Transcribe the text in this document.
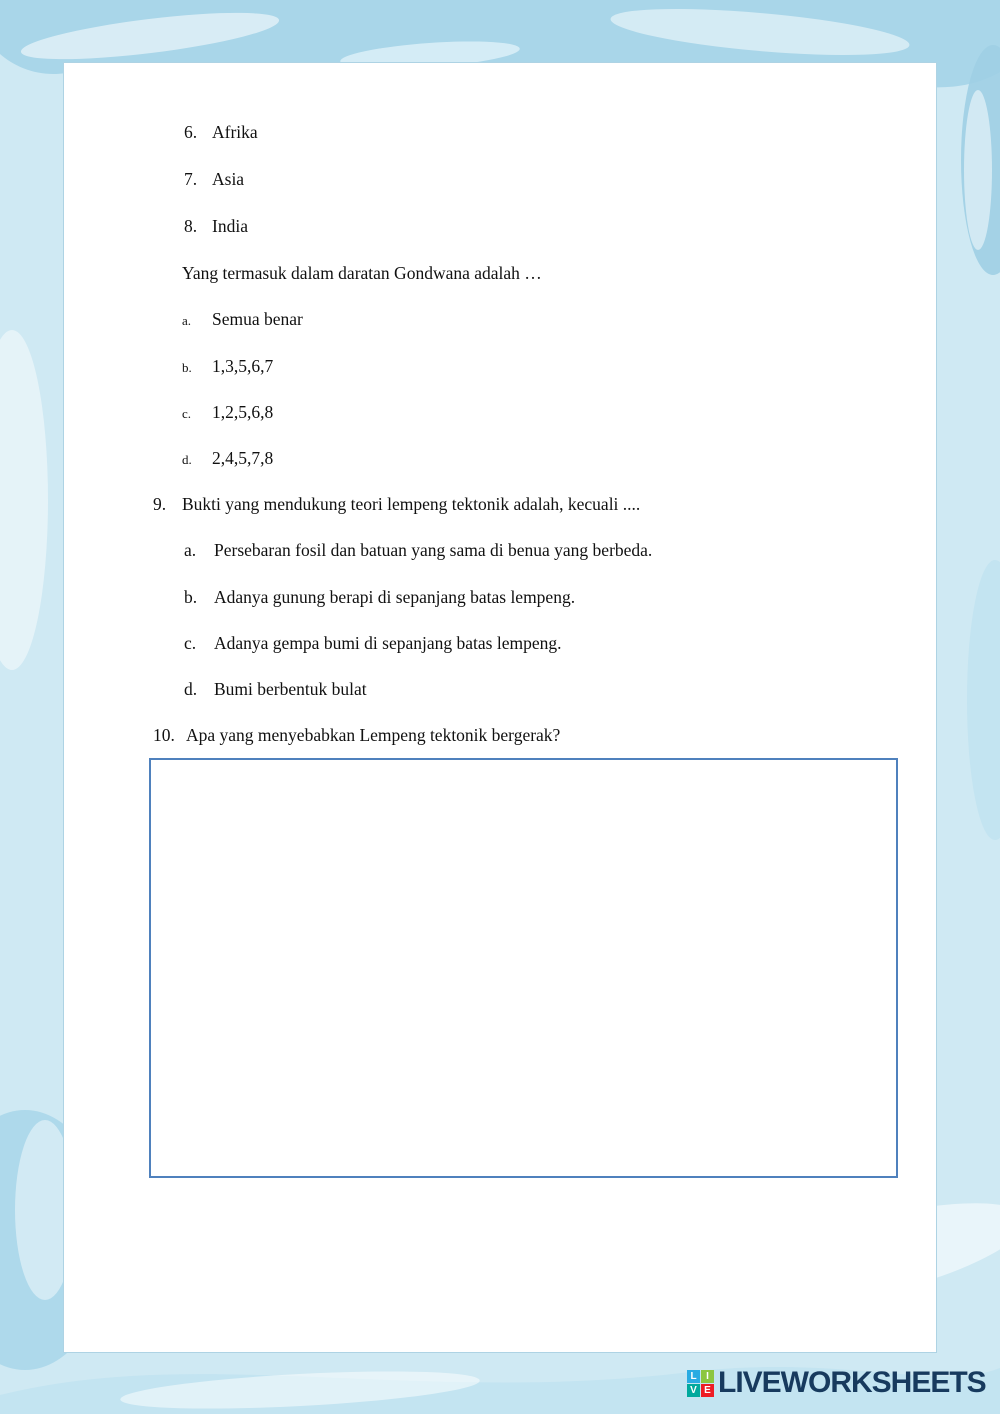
6. Afrika
7. Asia
8. India
Yang termasuk dalam daratan Gondwana adalah …
a. Semua benar
b. 1,3,5,6,7
c. 1,2,5,6,8
d. 2,4,5,7,8
9. Bukti yang mendukung teori lempeng tektonik adalah, kecuali ....
a. Persebaran fosil dan batuan yang sama di benua yang berbeda.
b. Adanya gunung berapi di sepanjang batas lempeng.
c. Adanya gempa bumi di sepanjang batas lempeng.
d. Bumi berbentuk bulat
10. Apa yang menyebabkan Lempeng tektonik bergerak?
L I
V E LIVEWORKSHEETS
